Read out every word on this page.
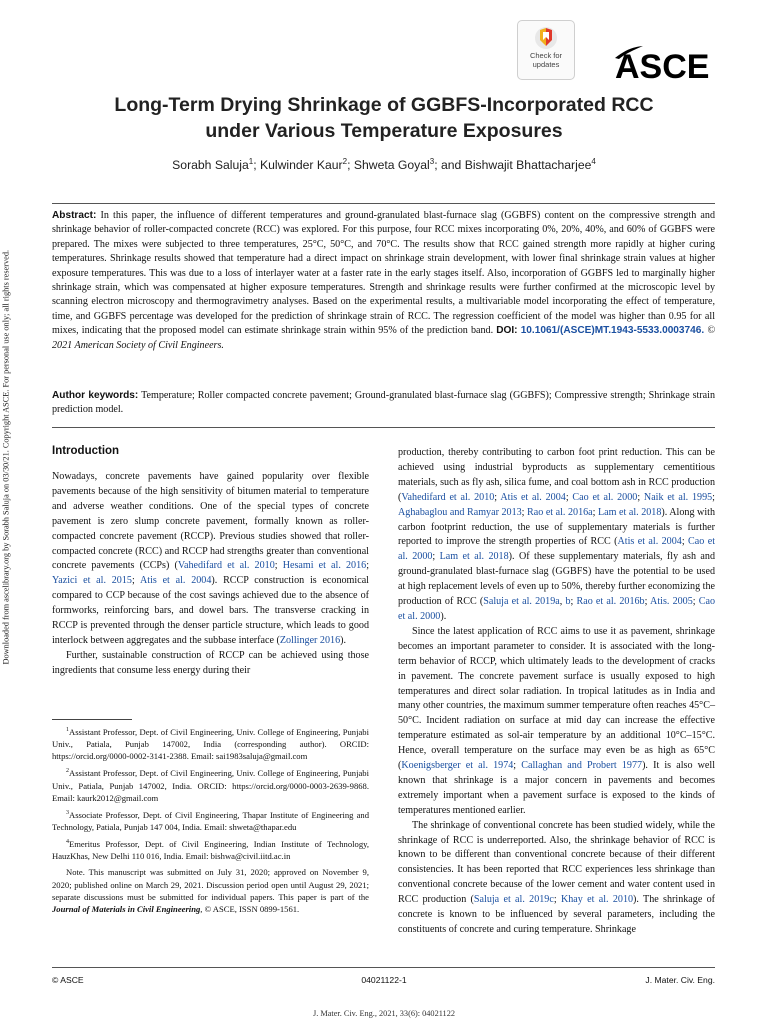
Check for updates	ASCE
Long-Term Drying Shrinkage of GGBFS-Incorporated RCC
under Various Temperature Exposures
Sorabh Saluja$^1$; Kulwinder Kaur$^2$; Shweta Goyal$^3$; and Bishwajit Bhattacharjee$^4$
Abstract: In this paper, the influence of different temperatures and ground-granulated blast-furnace slag (GGBFS) content on the compressive strength and shrinkage behavior of roller-compacted concrete (RCC) was explored. For this purpose, four RCC mixes incorporating 0%, 20%, 40%, and 60% of GGBFS were prepared. The mixes were subjected to three temperatures, 25°C, 50°C, and 70°C. The results show that RCC gained strength more rapidly at higher curing temperatures. Shrinkage results showed that temperature had a direct impact on shrinkage strain development, with lower final shrinkage strain values at higher exposure temperatures. This was due to a loss of interlayer water at a faster rate in the early stages itself. Also, incorporation of GGBFS led to marginally higher shrinkage strain, which was compensated at higher exposure temperatures. Strength and shrinkage results were further confirmed at the microscopic level by scanning electron microscopy and thermogravimetry analyses. Based on the experimental results, a multivariable model incorporating the effect of temperature, time, and GGBFS percentage was developed for the prediction of shrinkage strain of RCC. The regression coefficient of the model was higher than 0.95 for all mixes, indicating that the proposed model can estimate shrinkage strain within 95% of the prediction band. DOI: 10.1061/(ASCE)MT.1943-5533.0003746. © 2021 American Society of Civil Engineers.
Author keywords: Temperature; Roller compacted concrete pavement; Ground-granulated blast-furnace slag (GGBFS); Compressive strength; Shrinkage strain prediction model.
Downloaded from ascelibrary.org by Sorabh Saluja on 03/30/21. Copyright ASCE. For personal use only; all rights reserved.	Introduction

Nowadays, concrete pavements have gained popularity over flexible pavements because of the high sensitivity of bitumen material to temperature and adverse weather conditions. One of the special types of concrete pavement is zero slump concrete pavement, formally known as roller-compacted concrete pavement (RCCP). Previous studies showed that roller-compacted concrete (RCC) and RCCP had strengths greater than conventional concrete pavements (CCPs) (Vahedifard et al. 2010; Hesami et al. 2016; Yazici et al. 2015; Atis et al. 2004). RCCP construction is economical compared to CCP because of the cost savings achieved due to the absence of formworks, reinforcing bars, and dowel bars. The transverse cracking in RCCP is prevented through the denser particle structure, which leads to good interlock between aggregates and the subbase interface (Zollinger 2016).

Further, sustainable construction of RCCP can be achieved using those ingredients that consume less energy during their

production, thereby contributing to carbon foot print reduction. This can be achieved using industrial byproducts as supplementary cementitious materials, such as fly ash, silica fume, and coal bottom ash in RCC production (Vahedifard et al. 2010; Atis et al. 2004; Cao et al. 2000; Naik et al. 1995; Aghabaglou and Ramyar 2013; Rao et al. 2016a; Lam et al. 2018). Along with carbon footprint reduction, the use of supplementary materials is further reported to improve the strength properties of RCC (Atis et al. 2004; Cao et al. 2000; Lam et al. 2018). Of these supplementary materials, fly ash and ground-granulated blast-furnace slag (GGBFS) have the potential to be used at high replacement levels of even up to 50%, thereby further economizing the production of RCC (Saluja et al. 2019a, b; Rao et al. 2016b; Atis. 2005; Cao et al. 2000).

Since the latest application of RCC aims to use it as pavement, shrinkage becomes an important parameter to consider. It is associated with the long-term behavior of RCCP, which ultimately leads to the development of cracks in pavement. The concrete pavement surface is usually exposed to high temperatures and direct solar radiation. In tropical latitudes as in India and many other countries, the maximum summer temperature often reaches 45°C–50°C. Incident radiation on surface at mid day can increase the effective temperature estimated as sol-air temperature by an additional 10°C–15°C. Hence, overall temperature on the surface may even be as high as 65°C (Koenigsberger et al. 1974; Callaghan and Probert 1977). It is also well known that shrinkage is a major concern in pavements and becomes extremely important when a pavement surface is exposed to the kinds of temperatures mentioned earlier.

The shrinkage of conventional concrete has been studied widely, while the shrinkage of RCC is underreported. Also, the shrinkage behavior of RCC is known to be different than conventional concrete because of their different consistencies. It has been reported that RCC experiences less shrinkage than conventional concrete because of the lower cement and water content used in RCC production (Saluja et al. 2019c; Khay et al. 2010). The shrinkage of concrete is known to be influenced by several parameters, including the constituents of concrete and curing temperature. Shrinkage

$^1$Assistant Professor, Dept. of Civil Engineering, Univ. College of Engineering, Punjabi Univ., Patiala, Punjab 147002, India (corresponding author). ORCID: https://orcid.org/0000-0002-3141-2388. Email: sai1983saluja@gmail.com

$^2$Assistant Professor, Dept. of Civil Engineering, Univ. College of Engineering, Punjabi Univ., Patiala, Punjab 147002, India. ORCID: https://orcid.org/0000-0003-2639-9868. Email: kaurk2012@gmail.com

$^3$Associate Professor, Dept. of Civil Engineering, Thapar Institute of Engineering and Technology, Patiala, Punjab 147 004, India. Email: shweta@thapar.edu

$^4$Emeritus Professor, Dept. of Civil Engineering, Indian Institute of Technology, HauzKhas, New Delhi 110 016, India. Email: bishwa@civil.iitd.ac.in

Note. This manuscript was submitted on July 31, 2020; approved on November 9, 2020; published online on March 29, 2021. Discussion period open until August 29, 2021; separate discussions must be submitted for individual papers. This paper is part of the Journal of Materials in Civil Engineering, © ASCE, ISSN 0899-1561.

© ASCE	04021122-1	J. Mater. Civ. Eng.
J. Mater. Civ. Eng., 2021, 33(6): 04021122
